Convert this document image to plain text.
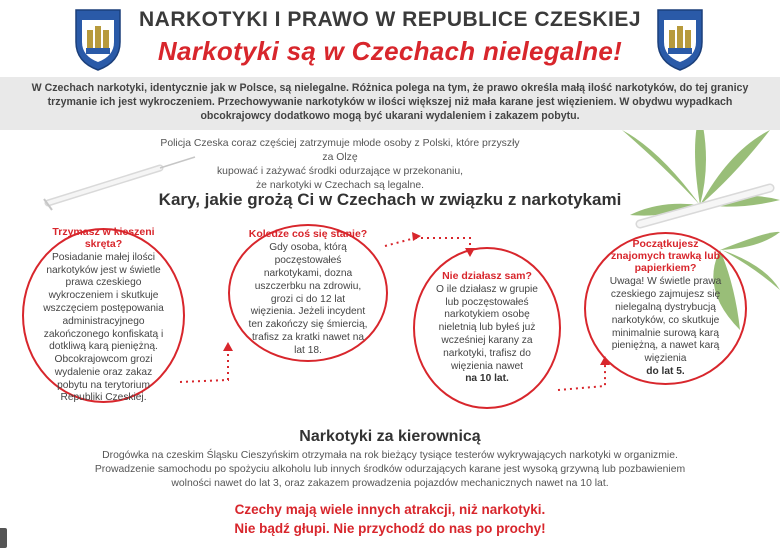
NARKOTYKI I PRAWO W REPUBLICE CZESKIEJ
Narkotyki są w Czechach nielegalne!
W Czechach narkotyki, identycznie jak w Polsce, są nielegalne. Różnica polega na tym, że prawo określa małą ilość narkotyków, do tej granicy trzymanie ich jest wykroczeniem. Przechowywanie narkotyków w ilości większej niż mała karane jest więzieniem. W obydwu wypadkach obcokrajowcy dodatkowo mogą być ukarani wydaleniem i zakazem pobytu.
Policja Czeska coraz częściej zatrzymuje młode osoby z Polski, które przyszły za Olzę
kupować i zażywać środki odurzające w przekonaniu,
że narkotyki w Czechach są legalne.
Kary, jakie grożą Ci w Czechach w związku z narkotykami
Trzymasz w kieszeni skręta?
Posiadanie małej ilości narkotyków jest w świetle prawa czeskiego wykroczeniem i skutkuje wszczęciem postępowania administracyjnego zakończonego konfiskatą i dotkliwą karą pieniężną. Obcokrajowcom grozi wydalenie oraz zakaz pobytu na terytorium Republiki Czeskiej.
Koledze coś się stanie?
Gdy osoba, którą poczęstowałeś narkotykami, dozna uszczerbku na zdrowiu, grozi ci do 12 lat więzienia. Jeżeli incydent ten zakończy się śmiercią, trafisz za kratki nawet na lat 18.
Nie działasz sam?
O ile działasz w grupie lub poczęstowałeś narkotykiem osobę nieletnią lub byłeś już wcześniej karany za narkotyki, trafisz do więzienia nawet
na 10 lat.
Początkujesz znajomych trawką lub papierkiem?
Uwaga! W świetle prawa czeskiego zajmujesz się nielegalną dystrybucją narkotyków, co skutkuje minimalnie surową karą pieniężną, a nawet karą więzienia
do lat 5.
Narkotyki za kierownicą
Drogówka na czeskim Śląsku Cieszyńskim otrzymała na rok bieżący tysiące testerów wykrywających narkotyki w organizmie.
Prowadzenie samochodu po spożyciu alkoholu lub innych środków odurzających karane jest wysoką grzywną lub pozbawieniem
wolności nawet do lat 3, oraz zakazem prowadzenia pojazdów mechanicznych nawet na 10 lat.
Czechy mają wiele innych atrakcji, niż narkotyki.
Nie bądź głupi. Nie przychodź do nas po prochy!
